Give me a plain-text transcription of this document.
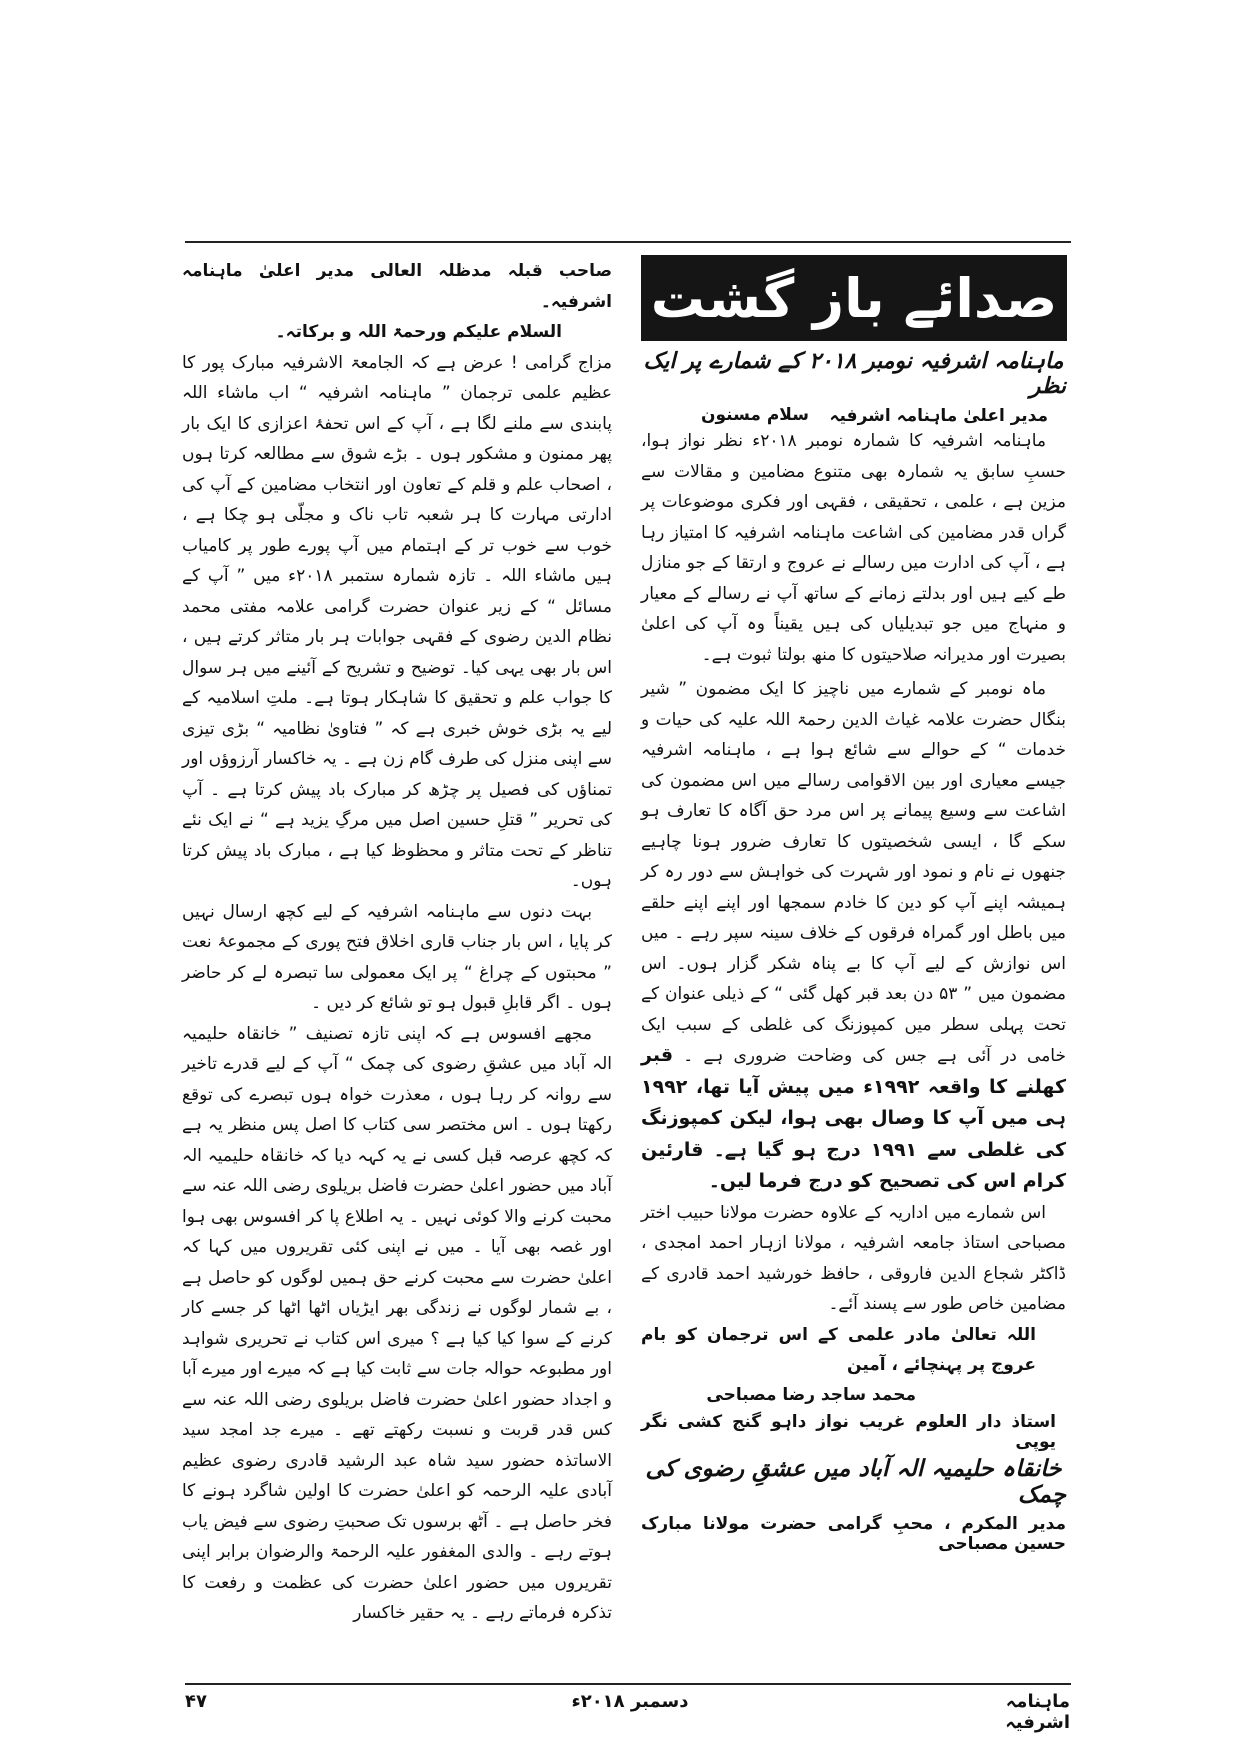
صدائے باز گشت
ماہنامہ اشرفیہ نومبر ۲۰۱۸ کے شمارے پر ایک نظر
مدیر اعلیٰ ماہنامہ اشرفیہ
سلام مسنون

ماہنامہ اشرفیہ کا شمارہ نومبر ۲۰۱۸ء نظر نواز ہوا، حسبِ سابق یہ شمارہ بھی متنوع مضامین و مقالات سے مزین ہے ، علمی ، تحقیقی ، فقہی اور فکری موضوعات پر گراں قدر مضامین کی اشاعت ماہنامہ اشرفیہ کا امتیاز رہا ہے ، آپ کی ادارت میں رسالے نے عروج و ارتقا کے جو منازل طے کیے ہیں اور بدلتے زمانے کے ساتھ آپ نے رسالے کے معیار و منہاج میں جو تبدیلیاں کی ہیں یقیناً وہ آپ کی اعلیٰ بصیرت اور مدیرانہ صلاحیتوں کا منھ بولتا ثبوت ہے۔

ماہ نومبر کے شمارے میں ناچیز کا ایک مضمون ” شیر بنگال حضرت علامہ غیاث الدین رحمۃ اللہ علیہ کی حیات و خدمات “ کے حوالے سے شائع ہوا ہے ، ماہنامہ اشرفیہ جیسے معیاری اور بین الاقوامی رسالے میں اس مضمون کی اشاعت سے وسیع پیمانے پر اس مرد حق آگاہ کا تعارف ہو سکے گا ، ایسی شخصیتوں کا تعارف ضرور ہونا چاہیے جنھوں نے نام و نمود اور شہرت کی خواہش سے دور رہ کر ہمیشہ اپنے آپ کو دین کا خادم سمجھا اور اپنے اپنے حلقے میں باطل اور گمراہ فرقوں کے خلاف سینہ سپر رہے ۔ میں اس نوازش کے لیے آپ کا بے پناہ شکر گزار ہوں۔ اس مضمون میں ” ۵۳ دن بعد قبر کھل گئی “ کے ذیلی عنوان کے تحت پہلی سطر میں کمپوزنگ کی غلطی کے سبب ایک خامی در آئی ہے جس کی وضاحت ضروری ہے ۔ قبر کھلنے کا واقعہ ۱۹۹۲ء میں پیش آیا تھا، ۱۹۹۲ ہی میں آپ کا وصال بھی ہوا، لیکن کمپوزنگ کی غلطی سے ۱۹۹۱ درج ہو گیا ہے۔ قارئین کرام اس کی تصحیح کو درج فرما لیں۔

اس شمارے میں اداریہ کے علاوہ حضرت مولانا حبیب اختر مصباحی استاذ جامعہ اشرفیہ ، مولانا ازہار احمد امجدی ، ڈاکٹر شجاع الدین فاروقی ، حافظ خورشید احمد قادری کے مضامین خاص طور سے پسند آئے۔

اللہ تعالیٰ مادر علمی کے اس ترجمان کو بام عروج پر پہنچائے ، آمین

محمد ساجد رضا مصباحی

استاذ دار العلوم غریب نواز داہو گنج کشی نگر یوپی

خانقاہ حلیمیہ الہ آباد میں عشقِ رضوی کی چمک

مدیر المکرم ، محبِ گرامی حضرت مولانا مبارک حسین مصباحی

صاحب قبلہ مدظلہ العالی مدیر اعلیٰ ماہنامہ اشرفیہ۔

السلام علیکم ورحمۃ اللہ و برکاتہ۔

مزاج گرامی ! عرض ہے کہ الجامعۃ الاشرفیہ مبارک پور کا عظیم علمی ترجمان ” ماہنامہ اشرفیہ “ اب ماشاء اللہ پابندی سے ملنے لگا ہے ، آپ کے اس تحفۂ اعزازی کا ایک بار پھر ممنون و مشکور ہوں ۔ بڑے شوق سے مطالعہ کرتا ہوں ، اصحاب علم و قلم کے تعاون اور انتخاب مضامین کے آپ کی ادارتی مہارت کا ہر شعبہ تاب ناک و مجلّی ہو چکا ہے ، خوب سے خوب تر کے اہتمام میں آپ پورے طور پر کامیاب ہیں ماشاء اللہ ۔ تازہ شمارہ ستمبر ۲۰۱۸ء میں ” آپ کے مسائل “ کے زیر عنوان حضرت گرامی علامہ مفتی محمد نظام الدین رضوی کے فقہی جوابات ہر بار متاثر کرتے ہیں ، اس بار بھی یہی کیا۔ توضیح و تشریح کے آئینے میں ہر سوال کا جواب علم و تحقیق کا شاہکار ہوتا ہے۔ ملتِ اسلامیہ کے لیے یہ بڑی خوش خبری ہے کہ ” فتاویٰ نظامیہ “ بڑی تیزی سے اپنی منزل کی طرف گام زن ہے ۔ یہ خاکسار آرزوؤں اور تمناؤں کی فصیل پر چڑھ کر مبارک باد پیش کرتا ہے ۔ آپ کی تحریر ” قتلِ حسین اصل میں مرگِ یزید ہے “ نے ایک نئے تناظر کے تحت متاثر و محظوظ کیا ہے ، مبارک باد پیش کرتا ہوں۔

بہت دنوں سے ماہنامہ اشرفیہ کے لیے کچھ ارسال نہیں کر پایا ، اس بار جناب قاری اخلاق فتح پوری کے مجموعۂ نعت ” محبتوں کے چراغ “ پر ایک معمولی سا تبصرہ لے کر حاضر ہوں ۔ اگر قابلِ قبول ہو تو شائع کر دیں ۔

مجھے افسوس ہے کہ اپنی تازہ تصنیف ” خانقاہ حلیمیہ الہ آباد میں عشقِ رضوی کی چمک “ آپ کے لیے قدرے تاخیر سے روانہ کر رہا ہوں ، معذرت خواہ ہوں تبصرے کی توقع رکھتا ہوں ۔ اس مختصر سی کتاب کا اصل پس منظر یہ ہے کہ کچھ عرصہ قبل کسی نے یہ کہہ دیا کہ خانقاہ حلیمیہ الہ آباد میں حضور اعلیٰ حضرت فاضل بریلوی رضی اللہ عنہ سے محبت کرنے والا کوئی نہیں ۔ یہ اطلاع پا کر افسوس بھی ہوا اور غصہ بھی آیا ۔ میں نے اپنی کئی تقریروں میں کہا کہ اعلیٰ حضرت سے محبت کرنے حق ہمیں لوگوں کو حاصل ہے ، بے شمار لوگوں نے زندگی بھر ایڑیاں اٹھا اٹھا کر جسے کار کرنے کے سوا کیا کیا ہے ؟ میری اس کتاب نے تحریری شواہد اور مطبوعہ حوالہ جات سے ثابت کیا ہے کہ میرے اور میرے آبا و اجداد حضور اعلیٰ حضرت فاضل بریلوی رضی اللہ عنہ سے کس قدر قربت و نسبت رکھتے تھے ۔ میرے جد امجد سید الاساتذہ حضور سید شاہ عبد الرشید قادری رضوی عظیم آبادی علیہ الرحمہ کو اعلیٰ حضرت کا اولین شاگرد ہونے کا فخر حاصل ہے ۔ آٹھ برسوں تک صحبتِ رضوی سے فیض یاب ہوتے رہے ۔ والدی المغفور علیہ الرحمۃ والرضوان برابر اپنی تقریروں میں حضور اعلیٰ حضرت کی عظمت و رفعت کا تذکرہ فرماتے رہے ۔ یہ حقیر خاکسار

ماہنامہ اشرفیہ
دسمبر ۲۰۱۸ء
۴۷
